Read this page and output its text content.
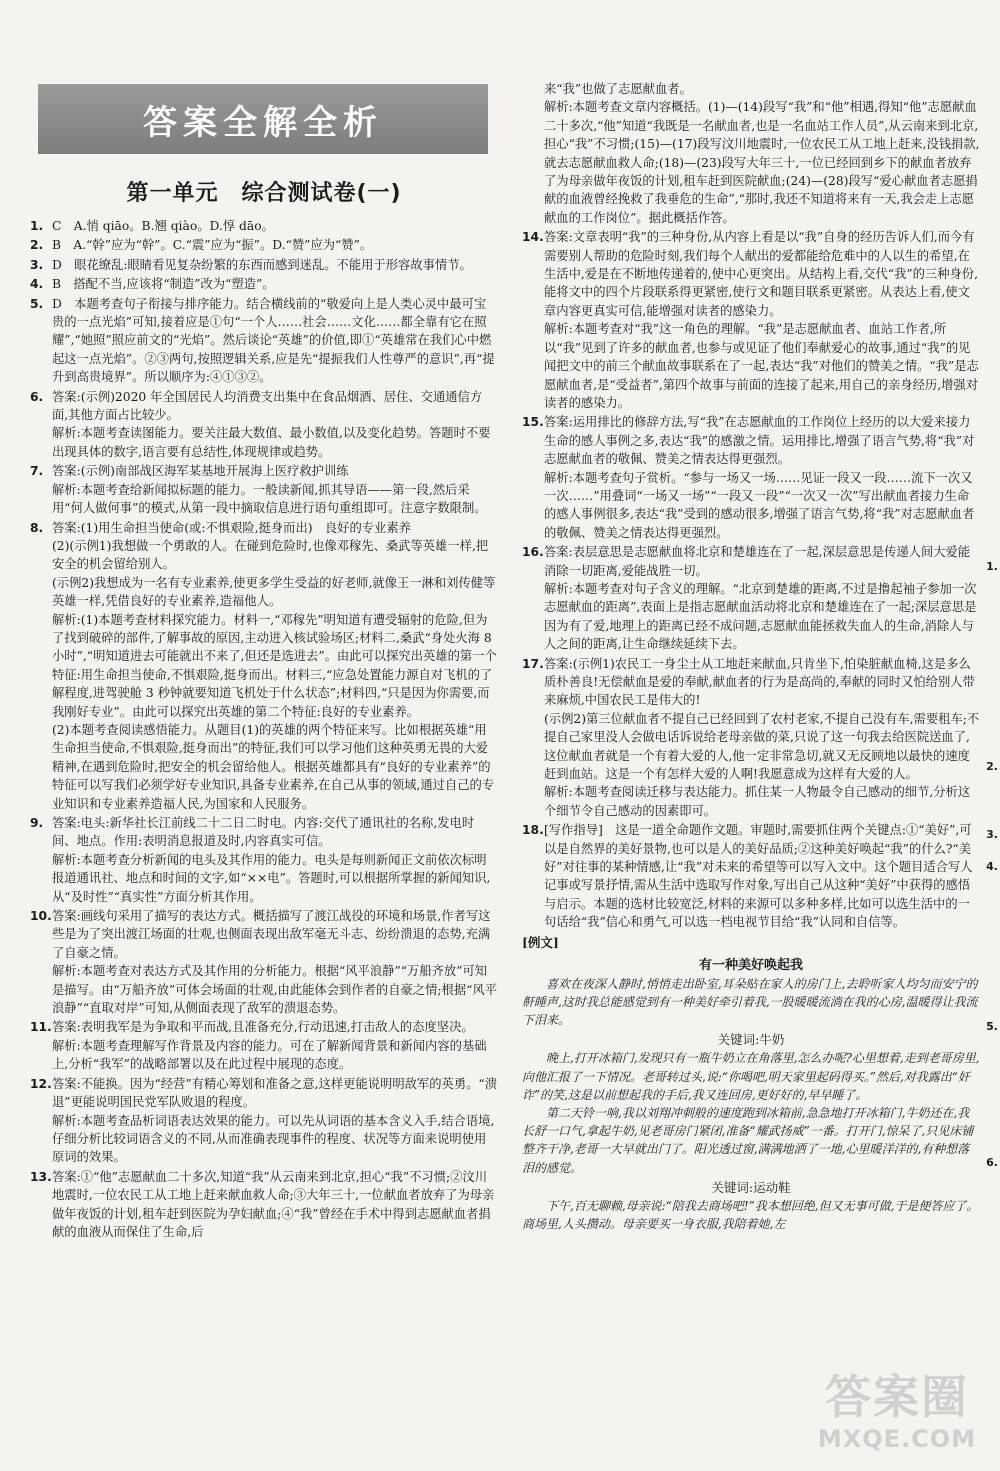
答案全解全析
第一单元　综合测试卷(一)
1. C　A.悄 qiāo。B.翘 qiào。D.惇 dāo。

2. B　A.“幹”应为“幹”。C.“震”应为“振”。D.“赞”应为“赞”。

3. D　眼花缭乱:眼睛看见复杂纷繁的东西而感到迷乱。不能用于形容故事情节。

4. B　搭配不当,应该将“制造”改为“塑造”。

5. D　本题考查句子衔接与排序能力。结合横线前的“敬爱向上是人类心灵中最可宝贵的一点光焰”可知,接着应是①句“一个人……社会……文化……都全靠有它在照耀”,“她照”照应前文的“光焰”。然后谈论“英雄”的价值,即①“英雄常在我们心中燃起这一点光焰”。②③两句,按照逻辑关系,应是先“提振我们人性尊严的意识”,再“提升到高贵境界”。所以顺序为:④①③②。

6. 答案:(示例)2020 年全国居民人均消费支出集中在食品烟酒、居住、交通通信方面,其他方面占比较少。

解析:本题考查读图能力。要关注最大数值、最小数值,以及变化趋势。答题时不要出现具体的数字,语言要有总结性,体现规律或趋势。

7. 答案:(示例)南部战区海军某基地开展海上医疗救护训练

解析:本题考查给新闻拟标题的能力。一般读新闻,抓其导语——第一段,然后采用“何人做何事”的模式,从第一段中摘取信息进行语句重组即可。注意字数限制。

8. 答案:(1)用生命担当使命(或:不惧艰险,挺身而出)　良好的专业素养

(2)(示例1)我想做一个勇敢的人。在碰到危险时,也像邓稼先、桑武等英雄一样,把安全的机会留给别人。

(示例2)我想成为一名有专业素养,使更多学生受益的好老师,就像王一淋和刘传健等英雄一样,凭借良好的专业素养,造福他人。

解析:(1)本题考查材料探究能力。材料一,“邓稼先”明知道有遭受辐射的危险,但为了找到破碎的部件,了解事故的原因,主动进入核试验场区;材料二,桑武“身处火海 8 小时”,“明知道进去可能就出不来了,但还是选进去”。由此可以探究出英雄的第一个特征:用生命担当使命,不惧艰险,挺身而出。材料三,“应急处置能力源自对飞机的了解程度,进驾驶舱 3 秒钟就要知道飞机处于什么状态”;材料四,“只是因为你需要,而我刚好专业”。由此可以探究出英雄的第二个特征:良好的专业素养。

(2)本题考查阅读感悟能力。从题目(1)的英雄的两个特征来写。比如根据英雄“用生命担当使命,不惧艰险,挺身而出”的特征,我们可以学习他们这种英勇无畏的大爱精神,在遇到危险时,把安全的机会留给他人。根据英雄都具有“良好的专业素养”的特征可以写我们必须学好专业知识,具备专业素养,在自己从事的领域,通过自己的专业知识和专业素养造福人民,为国家和人民服务。

9. 答案:电头:新华社长江前线二十二日二时电。内容:交代了通讯社的名称,发电时间、地点。作用:表明消息报道及时,内容真实可信。

解析:本题考查分析新闻的电头及其作用的能力。电头是每则新闻正文前依次标明报道通讯社、地点和时间的文字,如“××电”。答题时,可以根据所掌握的新闻知识,从“及时性”“真实性”方面分析其作用。

10. 答案:画线句采用了描写的表达方式。概括描写了渡江战役的环境和场景,作者写这些是为了突出渡江场面的壮观,也侧面表现出敌军毫无斗志、纷纷溃退的态势,充满了自豪之情。

解析:本题考查对表达方式及其作用的分析能力。根据“风平浪静”“万船齐放”可知是描写。由“万船齐放”可体会场面的壮观,由此能体会到作者的自豪之情;根据“风平浪静”“直取对岸”可知,从侧面表现了敌军的溃退态势。

11. 答案:表明我军是为争取和平而战,且准备充分,行动迅速,打击敌人的态度坚决。

解析:本题考查理解写作背景及内容的能力。可在了解新闻背景和新闻内容的基础上,分析“我军”的战略部署以及在此过程中展现的态度。

12. 答案:不能换。因为“经营”有精心筹划和准备之意,这样更能说明明敌军的英勇。“溃退”更能说明国民党军队败退的程度。

解析:本题考查品析词语表达效果的能力。可以先从词语的基本含义入手,结合语境,仔细分析比较词语含义的不同,从而准确表现事件的程度、状况等方面来说明使用原词的效果。

13. 答案:①“他”志愿献血二十多次,知道“我”从云南来到北京,担心“我”不习惯;②汶川地震时,一位农民工从工地上赶来献血救人命;③大年三十,一位献血者放弃了为母亲做年夜饭的计划,租车赶到医院为孕妇献血;④“我”曾经在手术中得到志愿献血者捐献的血液从而保住了生命,后

来“我”也做了志愿献血者。

解析:本题考查文章内容概括。(1)—(14)段写“我”和“他”相遇,得知“他”志愿献血二十多次,“他”知道“我既是一名献血者,也是一名血站工作人员”,从云南来到北京,担心“我”不习惯;(15)—(17)段写汶川地震时,一位农民工从工地上赶来,没钱捐款,就去志愿献血救人命;(18)—(23)段写大年三十,一位已经回到乡下的献血者放弃了为母亲做年夜饭的计划,租车赶到医院献血;(24)—(28)段写“爱心献血者志愿捐献的血液曾经挽救了我垂危的生命”,“那时,我还不知道将来有一天,我会走上志愿献血的工作岗位”。据此概括作答。

14. 答案:文章表明“我”的三种身份,从内容上看是以“我”自身的经历告诉人们,而今有需要别人帮助的危险时刻,我们每个人献出的爱都能给危难中的人以生的希望,在生活中,爱是在不断地传递着的,使中心更突出。从结构上看,交代“我”的三种身份,能将文中的四个片段联系得更紧密,使行文和题目联系更紧密。从表达上看,使文章内容更真实可信,能增强对读者的感染力。

解析:本题考查对“我”这一角色的理解。“我”是志愿献血者、血站工作者,所以“我”见到了许多的献血者,也参与或见证了他们奉献爱心的故事,通过“我”的见闻把文中的前三个献血故事联系在了一起,表达“我”对他们的赞美之情。“我”是志愿献血者,是“受益者”,第四个故事与前面的连接了起来,用自己的亲身经历,增强对读者的感染力。

15. 答案:运用排比的修辞方法,写“我”在志愿献血的工作岗位上经历的以大爱来接力生命的感人事例之多,表达“我”的感激之情。运用排比,增强了语言气势,将“我”对志愿献血者的敬佩、赞美之情表达得更强烈。

解析:本题考查句子赏析。“参与一场又一场……见证一段又一段……流下一次又一次……”用叠词“一场又一场”“一段又一段”“一次又一次”写出献血者接力生命的感人事例很多,表达“我”受到的感动很多,增强了语言气势,将“我”对志愿献血者的敬佩、赞美之情表达得更强烈。

16. 答案:表层意思是志愿献血将北京和楚雄连在了一起,深层意思是传递人间大爱能消除一切距离,爱能战胜一切。

解析:本题考查对句子含义的理解。“北京到楚雄的距离,不过是撸起袖子参加一次志愿献血的距离”,表面上是指志愿献血活动将北京和楚雄连在了一起;深层意思是因为有了爱,地理上的距离已经不成问题,志愿献血能拯救失血人的生命,消除人与人之间的距离,让生命继续延续下去。

17. 答案:(示例1)农民工一身尘土从工地赶来献血,只肯坐下,怕染脏献血椅,这是多么质朴善良!无偿献血是爱的奉献,献血者的行为是高尚的,奉献的同时又怕给别人带来麻烦,中国农民工是伟大的!

(示例2)第三位献血者不提自己已经回到了农村老家,不提自己没有车,需要租车;不提自己家里没人会做电话诉说给老母亲做的菜,只说了这一句我去给医院送血了,这位献血者就是一个有着大爱的人,他一定非常急切,就又无反顾地以最快的速度赶到血站。这是一个有怎样大爱的人啊!我愿意成为这样有大爱的人。

解析:本题考查阅读迁移与表达能力。抓住某一人物最令自己感动的细节,分析这个细节令自己感动的因素即可。

18. [写作指导]　这是一道全命题作文题。审题时,需要抓住两个关键点:①“美好”,可以是自然界的美好景物,也可以是人的美好品质;②这种美好唤起“我”的什么?“美好”对往事的某种情感,让“我”对未来的希望等可以写入文中。这个题目适合写人记事或写景抒情,需从生活中选取写作对象,写出自己从这种“美好”中获得的感悟与启示。本题的选材比较宽泛,材料的来源可以多种多样,比如可以选生活中的一句话给“我”信心和勇气,可以选一档电视节目给“我”认同和自信等。

[例文]
有一种美好唤起我

喜欢在夜深人静时,悄悄走出卧室,耳朵贴在家人的房门上,去聆听家人均匀而安宁的鼾睡声,这时我总能感觉到有一种美好牵引着我,一股暖暖流淌在我的心房,温暖得让我流下泪来。

关键词:牛奶

晚上,打开冰箱门,发现只有一瓶牛奶立在角落里,怎么办呢?心里想着,走到老哥房里,向他汇报了一下情况。老哥转过头,说:“你喝吧,明天家里起码得买。”然后,对我露出“奸诈”的笑,这是以前想起我的手后,我又连回房,更好好的,早早睡了。

第二天铃一响,我以刘翔冲刺般的速度跑到冰箱前,急急地打开冰箱门,牛奶还在,我长舒一口气,拿起牛奶,见老哥房门紧闭,准备“耀武扬威”一番。打开门,惊呆了,只见床铺整齐干净,老哥一大早就出门了。阳光透过窗,满满地洒了一地,心里暖洋洋的,有种想落泪的感觉。

关键词:运动鞋

下午,百无聊赖,母亲说:“陪我去商场吧!”我本想回绝,但又无事可做,于是便答应了。商场里,人头攒动。母亲要买一身衣服,我陪着她,左

1.
2.
3.
4.
5.
6.
答案圈
MXQE.COM
